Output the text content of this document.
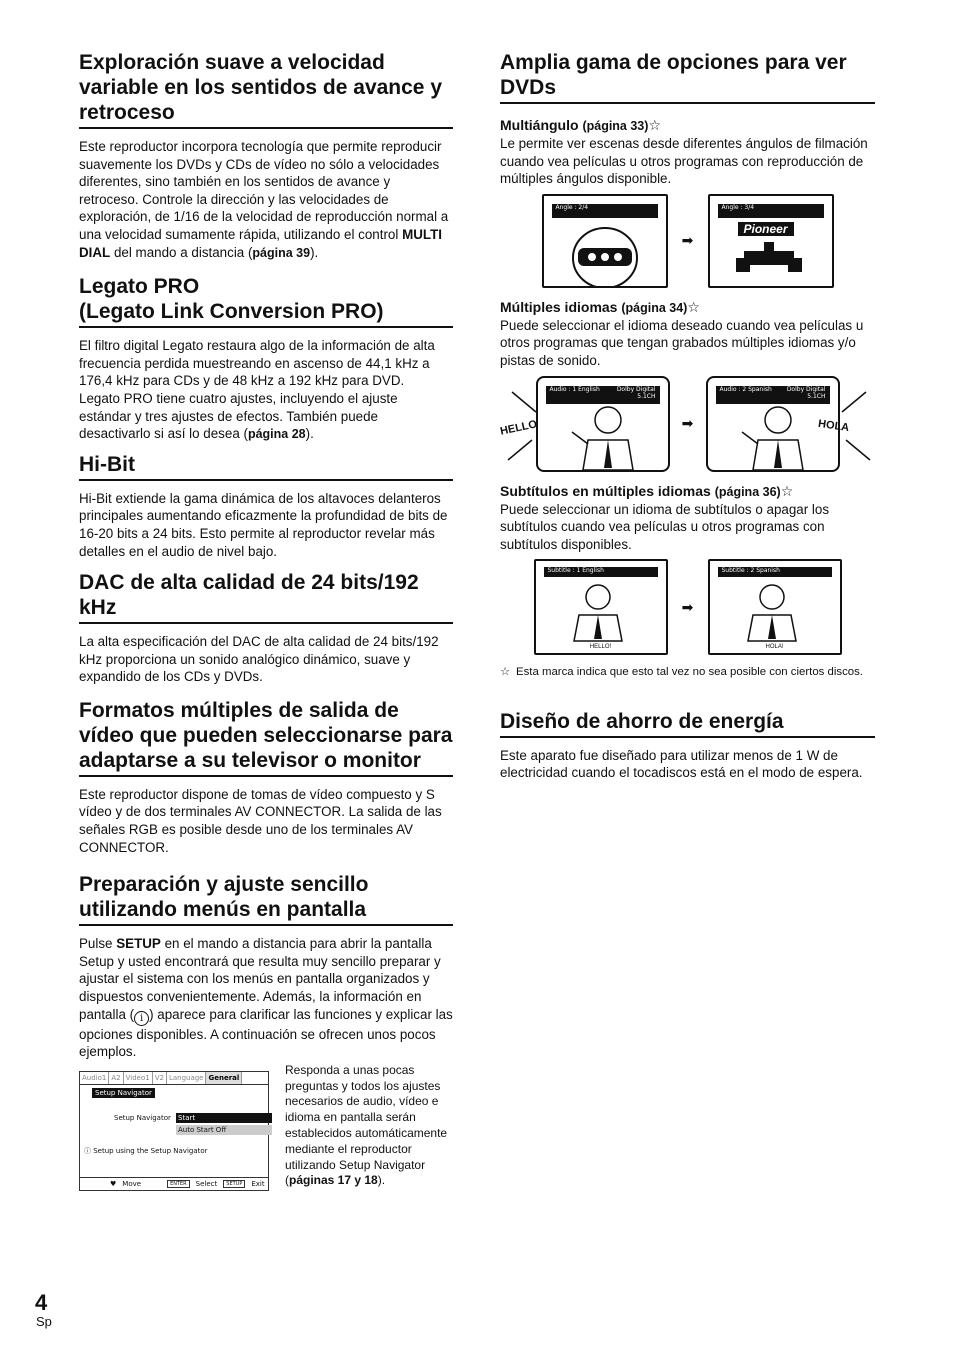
Exploración suave a velocidad variable en los sentidos de avance y retroceso

Este reproductor incorpora tecnología que permite reproducir suavemente los DVDs y CDs de vídeo no sólo a velocidades diferentes, sino también en los sentidos de avance y retroceso. Controle la dirección y las velocidades de exploración, de 1/16 de la velocidad de reproducción normal a una velocidad sumamente rápida, utilizando el control MULTI DIAL del mando a distancia (página 39).

Legato PRO
(Legato Link Conversion PRO)

El filtro digital Legato restaura algo de la información de alta frecuencia perdida muestreando en ascenso de 44,1 kHz a 176,4 kHz para CDs y de 48 kHz a 192 kHz para DVD.

Legato PRO tiene cuatro ajustes, incluyendo el ajuste estándar y tres ajustes de efectos. También puede desactivarlo si así lo desea (página 28).

Hi-Bit

Hi-Bit extiende la gama dinámica de los altavoces delanteros principales aumentando eficazmente la profundidad de bits de 16-20 bits a 24 bits. Esto permite al reproductor revelar más detalles en el audio de nivel bajo.

DAC de alta calidad de 24 bits/192 kHz

La alta especificación del DAC de alta calidad de 24 bits/192 kHz proporciona un sonido analógico dinámico, suave y expandido de los CDs y DVDs.

Formatos múltiples de salida de vídeo que pueden seleccionarse para adaptarse a su televisor o monitor

Este reproductor dispone de tomas de vídeo compuesto y S vídeo y de dos terminales AV CONNECTOR. La salida de las señales RGB es posible desde uno de los terminales AV CONNECTOR.

Preparación y ajuste sencillo utilizando menús en pantalla

Pulse SETUP en el mando a distancia para abrir la pantalla Setup y usted encontrará que resulta muy sencillo preparar y ajustar el sistema con los menús en pantalla organizados y dispuestos convenientemente. Además, la información en pantalla ( i ) aparece para clarificar las funciones y explicar las opciones disponibles. A continuación se ofrecen unos pocos ejemplos.

Audio1 A2 Video1 V2 Language General
Setup Navigator
Setup Navigator Start
Auto Start Off
ⓘ Setup using the Setup Navigator
♥ Move	ENTER	Select	SETUP	Exit

Responda a unas pocas preguntas y todos los ajustes necesarios de audio, vídeo e idioma en pantalla serán establecidos automáticamente mediante el reproductor utilizando Setup Navigator (páginas 17 y 18).

Amplia gama de opciones para ver DVDs
Multiángulo (página 33)☆

Le permite ver escenas desde diferentes ángulos de filmación cuando vea películas u otros programas con reproducción de múltiples ángulos disponible.

Angle : 2/4
➡
Angle : 3/4
Pioneer
Múltiples idiomas (página 34)☆

Puede seleccionar el idioma deseado cuando vea películas u otros programas que tengan grabados múltiples idiomas y/o pistas de sonido.

Audio : 1 English	Dolby Digital
5.1CH
HELLO	➡
Audio : 2 Spanish	Dolby Digital
5.1CH
HOLA
Subtítulos en múltiples idiomas (página 36)☆

Puede seleccionar un idioma de subtítulos o apagar los subtítulos cuando vea películas u otros programas con subtítulos disponibles.

Subtitle : 1 English
HELLO!
➡
Subtitle : 2 Spanish
HOLA!

☆ Esta marca indica que esto tal vez no sea posible con ciertos discos.

Diseño de ahorro de energía

Este aparato fue diseñado para utilizar menos de 1 W de electricidad cuando el tocadiscos está en el modo de espera.

4
Sp
